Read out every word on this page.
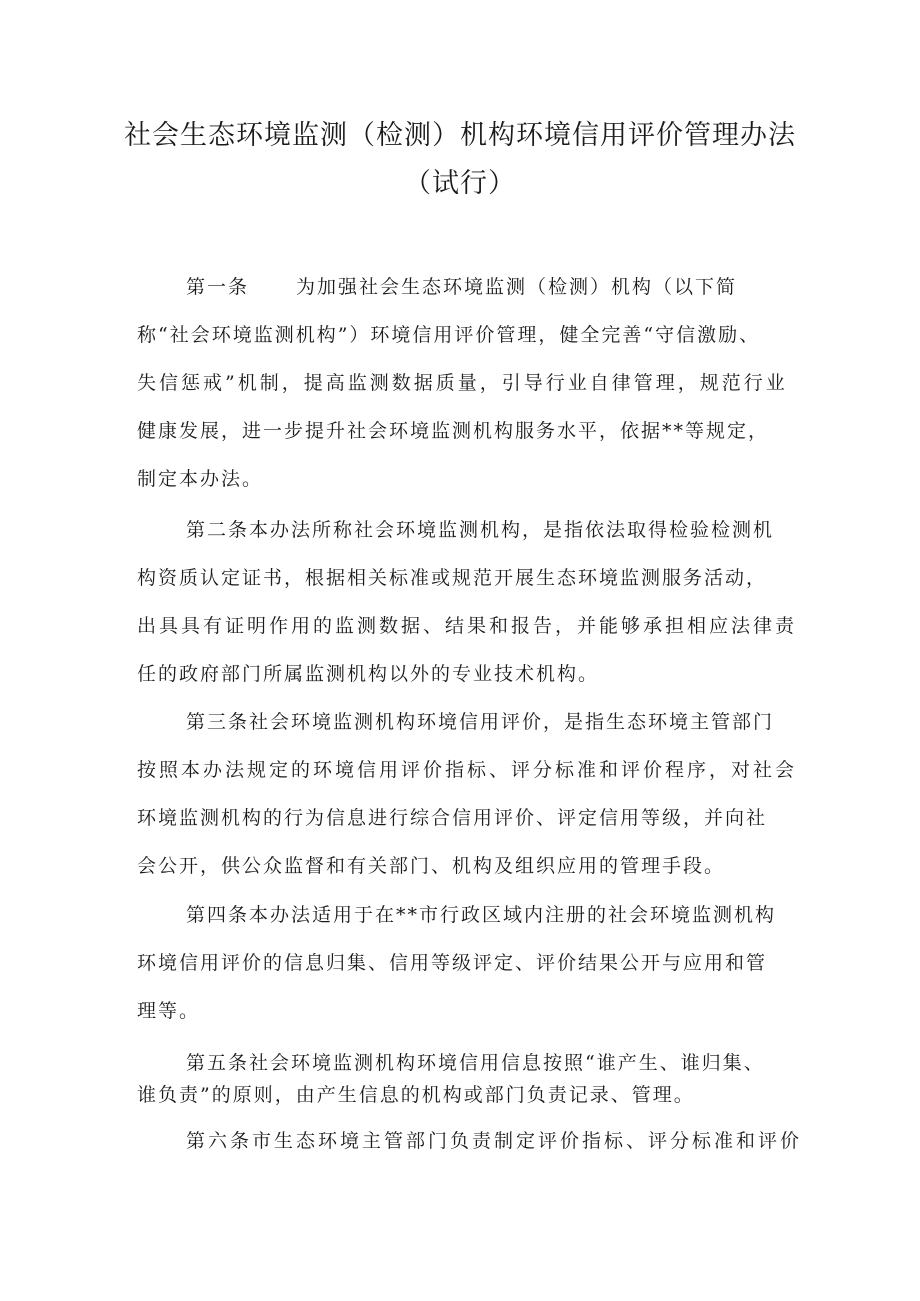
社会生态环境监测（检测）机构环境信用评价管理办法（试行）

第一条 为加强社会生态环境监测（检测）机构（以下简

称“社会环境监测机构”）环境信用评价管理，健全完善“守信激励、

失信惩戒”机制，提高监测数据质量，引导行业自律管理，规范行业

健康发展，进一步提升社会环境监测机构服务水平，依据**等规定，

制定本办法。

第二条本办法所称社会环境监测机构，是指依法取得检验检测机

构资质认定证书，根据相关标准或规范开展生态环境监测服务活动，

出具具有证明作用的监测数据、结果和报告，并能够承担相应法律责

任的政府部门所属监测机构以外的专业技术机构。

第三条社会环境监测机构环境信用评价，是指生态环境主管部门

按照本办法规定的环境信用评价指标、评分标准和评价程序，对社会

环境监测机构的行为信息进行综合信用评价、评定信用等级，并向社

会公开，供公众监督和有关部门、机构及组织应用的管理手段。

第四条本办法适用于在**市行政区域内注册的社会环境监测机构

环境信用评价的信息归集、信用等级评定、评价结果公开与应用和管

理等。

第五条社会环境监测机构环境信用信息按照“谁产生、谁归集、

谁负责”的原则，由产生信息的机构或部门负责记录、管理。

第六条市生态环境主管部门负责制定评价指标、评分标准和评价
